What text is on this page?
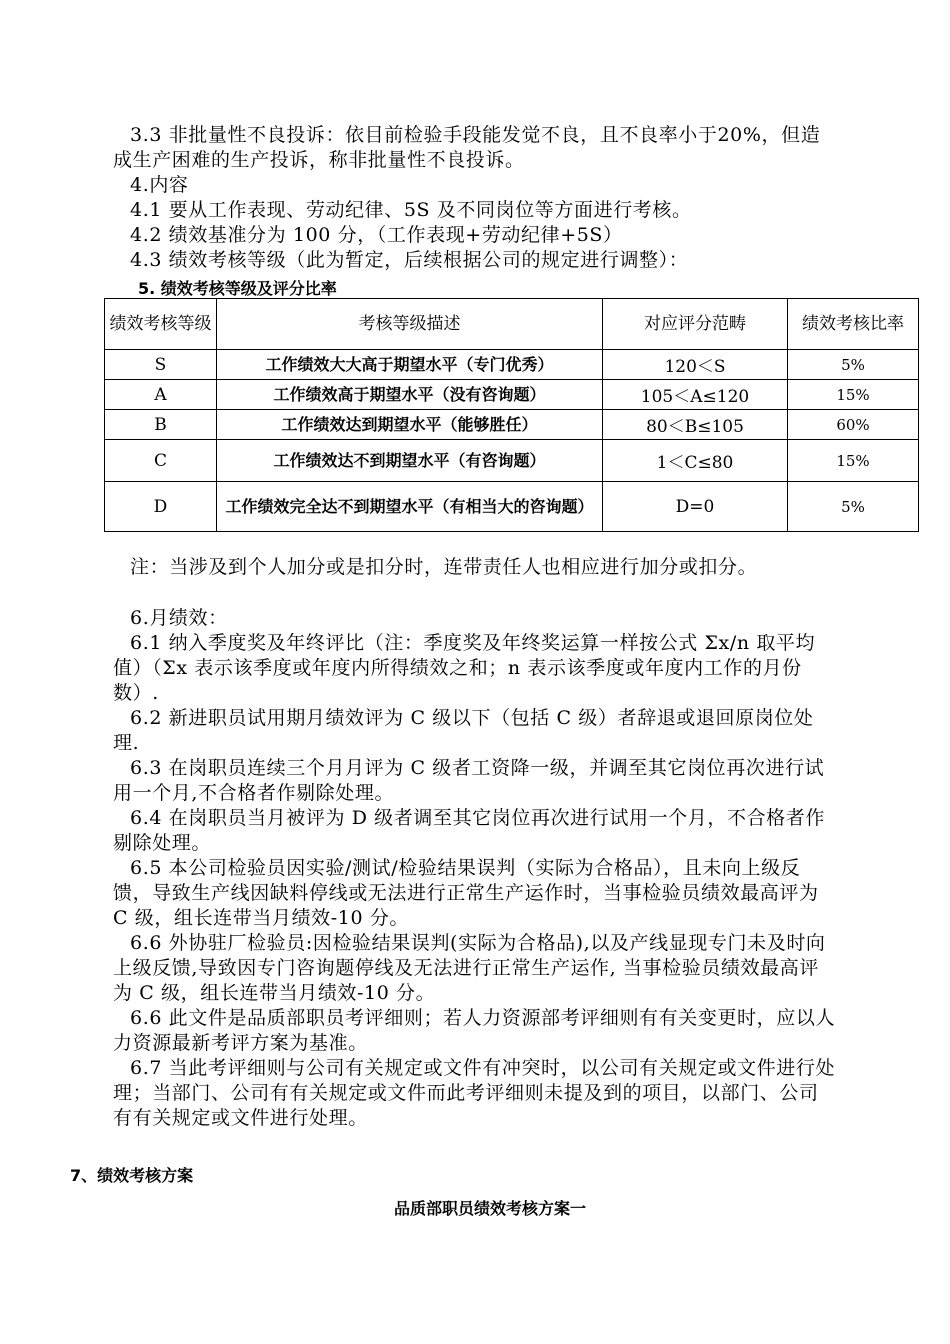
3.3 非批量性不良投诉：依目前检验手段能发觉不良，且不良率小于20%，但造成生产困难的生产投诉，称非批量性不良投诉。

4.内容

4.1 要从工作表现、劳动纪律、5S 及不同岗位等方面进行考核。

4.2 绩效基准分为 100 分，（工作表现+劳动纪律+5S）

4.3 绩效考核等级（此为暂定，后续根据公司的规定进行调整）：

5. 绩效考核等级及评分比率
绩效考核等级	考核等级描述	对应评分范畴	绩效考核比率
S	工作绩效大大高于期望水平（专门优秀）	120＜S	5%
A	工作绩效高于期望水平（没有咨询题）	105＜A≤120	15%
B	工作绩效达到期望水平（能够胜任）	80＜B≤105	60%
C	工作绩效达不到期望水平（有咨询题）	1＜C≤80	15%
D	工作绩效完全达不到期望水平（有相当大的咨询题）	D=0	5%

注：当涉及到个人加分或是扣分时，连带责任人也相应进行加分或扣分。

6.月绩效：

6.1 纳入季度奖及年终评比（注：季度奖及年终奖运算一样按公式 Σx/n 取平均值）（Σx 表示该季度或年度内所得绩效之和；n 表示该季度或年度内工作的月份数）.

6.2 新进职员试用期月绩效评为 C 级以下（包括 C 级）者辞退或退回原岗位处理.

6.3 在岗职员连续三个月月评为 C 级者工资降一级，并调至其它岗位再次进行试用一个月,不合格者作剔除处理。

6.4 在岗职员当月被评为 D 级者调至其它岗位再次进行试用一个月，不合格者作剔除处理。

6.5 本公司检验员因实验/测试/检验结果误判（实际为合格品），且未向上级反馈，导致生产线因缺料停线或无法进行正常生产运作时，当事检验员绩效最高评为 C 级，组长连带当月绩效-10 分。

6.6 外协驻厂检验员:因检验结果误判(实际为合格品),以及产线显现专门未及时向上级反馈,导致因专门咨询题停线及无法进行正常生产运作, 当事检验员绩效最高评为 C 级，组长连带当月绩效-10 分。

6.6 此文件是品质部职员考评细则；若人力资源部考评细则有有关变更时，应以人力资源最新考评方案为基准。

6.7 当此考评细则与公司有关规定或文件有冲突时，以公司有关规定或文件进行处理；当部门、公司有有关规定或文件而此考评细则未提及到的项目，以部门、公司有有关规定或文件进行处理。

7、绩效考核方案
品质部职员绩效考核方案一
